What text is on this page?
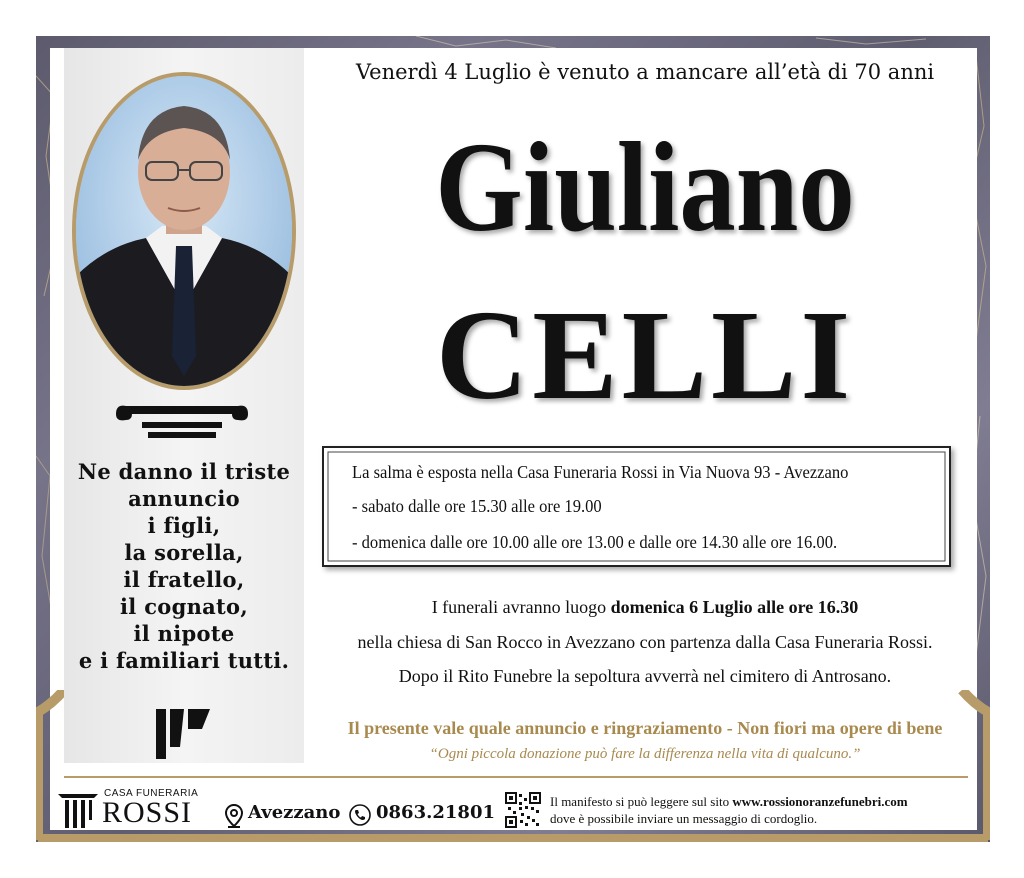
Ne danno il triste
annuncio
i figli,
la sorella,
il fratello,
il cognato,
il nipote
e i familiari tutti.
Venerdì 4 Luglio è venuto a mancare all’età di 70 anni
Giuliano
CELLI
La salma è esposta nella Casa Funeraria Rossi in Via Nuova 93 - Avezzano
- sabato dalle ore 15.30 alle ore 19.00
- domenica dalle ore 10.00 alle ore 13.00 e dalle ore 14.30 alle ore 16.00.
I funerali avranno luogo domenica 6 Luglio alle ore 16.30
nella chiesa di San Rocco in Avezzano con partenza dalla Casa Funeraria Rossi.
Dopo il Rito Funebre la sepoltura avverrà nel cimitero di Antrosano.
Il presente vale quale annuncio e ringraziamento - Non fiori ma opere di bene
“Ogni piccola donazione può fare la differenza nella vita di qualcuno.”
CASA FUNERARIA
ROSSI	Avezzano 0863.21801
Il manifesto si può leggere sul sito www.rossionoranzefunebri.com
dove è possibile inviare un messaggio di cordoglio.
